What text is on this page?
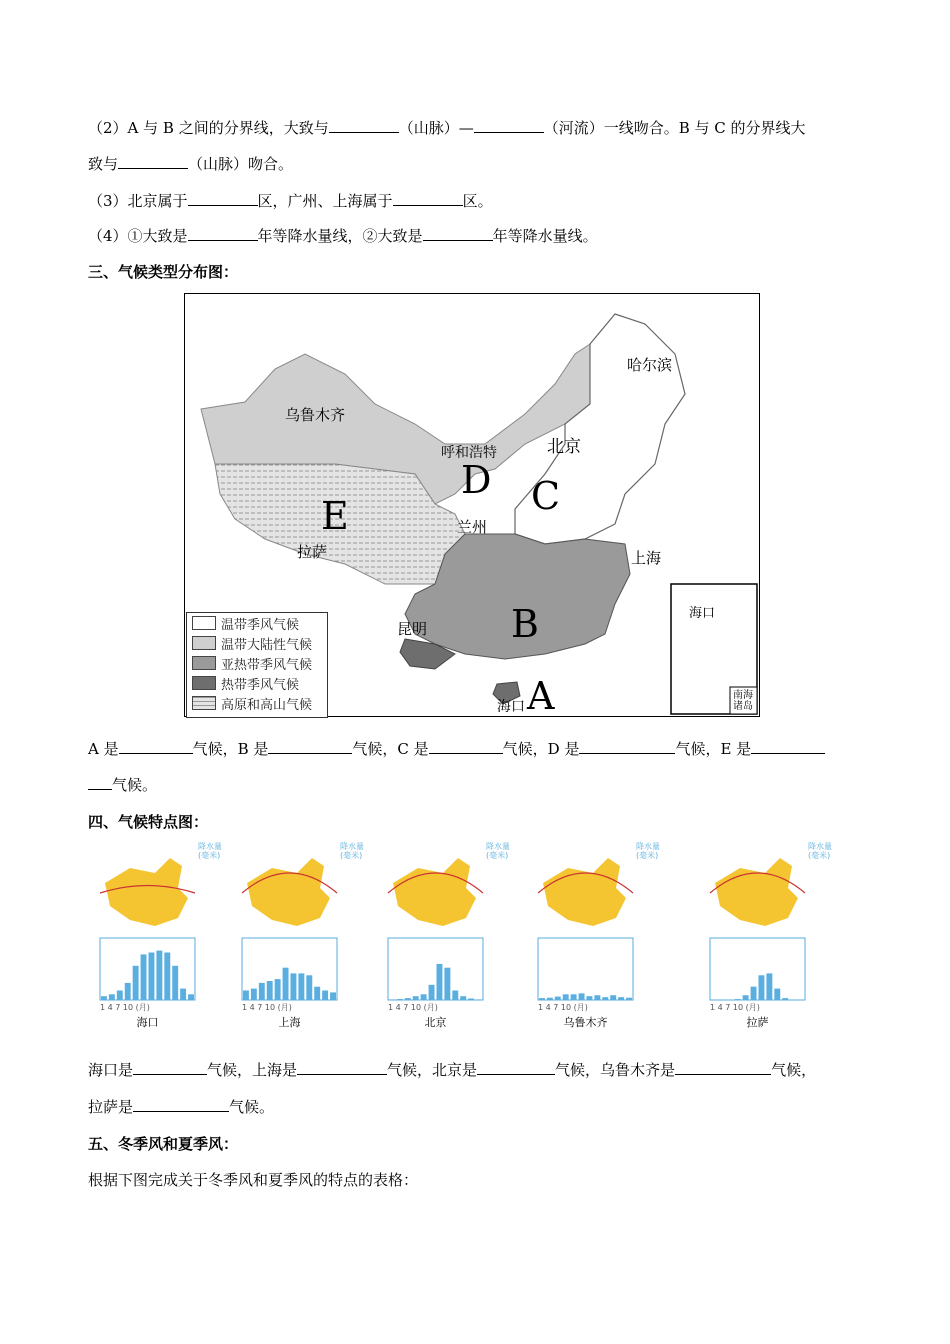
（2）A 与 B 之间的分界线，大致与	（山脉）—	（河流）一线吻合。B 与 C 的分界线大
致与	（山脉）吻合。
（3）北京属于	区，广州、上海属于	区。
（4）①大致是	年等降水量线，②大致是	年等降水量线。
三、气候类型分布图：
哈尔滨
乌鲁木齐
呼和浩特	北京
兰州
拉萨	上海
昆明
海口 A
B
C
D
E
海口
南海
诸岛
温带季风气候
温带大陆性气候
亚热带季风气候
热带季风气候
高原和高山气候
A 是	气候，B 是	气候，C 是	气候，D 是	气候，E 是
气候。
四、气候特点图：
降水量
(毫米)
1 4 7 10 (月)
海口
降水量
(毫米)
1 4 7 10 (月)
上海
降水量
(毫米)
1 4 7 10 (月)
北京
降水量
(毫米)
1 4 7 10 (月)
乌鲁木齐
降水量
(毫米)
1 4 7 10 (月)
拉萨
海口是	气候，上海是	气候，北京是	气候，乌鲁木齐是	气候，
拉萨是	气候。
五、冬季风和夏季风：
根据下图完成关于冬季风和夏季风的特点的表格：
